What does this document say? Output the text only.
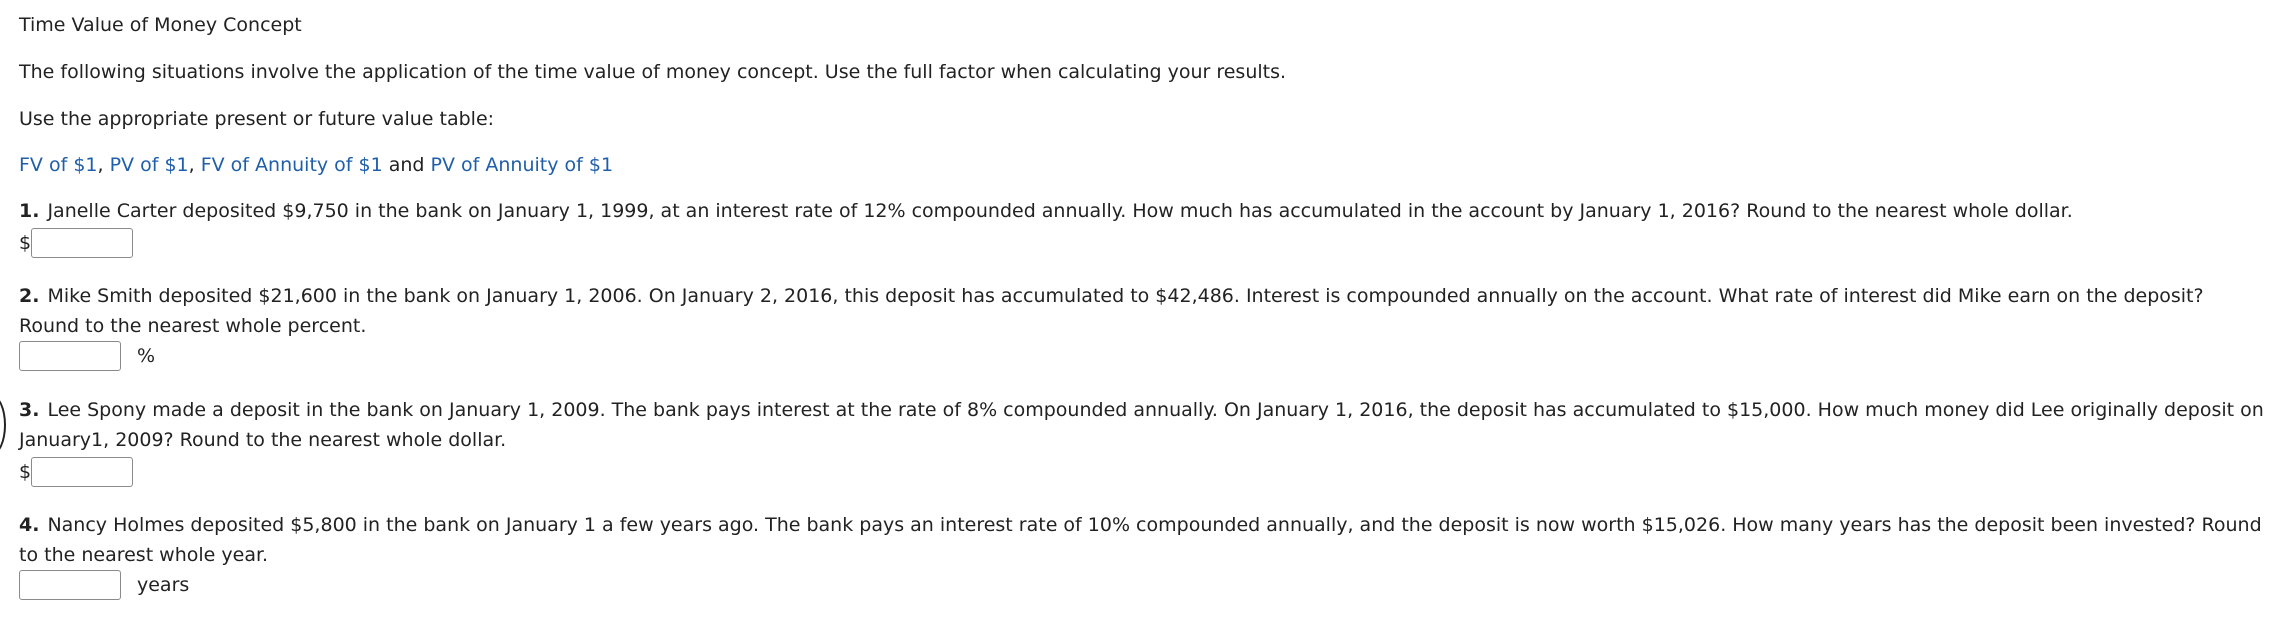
Time Value of Money Concept
The following situations involve the application of the time value of money concept. Use the full factor when calculating your results.
Use the appropriate present or future value table:
FV of $1, PV of $1, FV of Annuity of $1 and PV of Annuity of $1
1. Janelle Carter deposited $9,750 in the bank on January 1, 1999, at an interest rate of 12% compounded annually. How much has accumulated in the account by January 1, 2016? Round to the nearest whole dollar.
$
2. Mike Smith deposited $21,600 in the bank on January 1, 2006. On January 2, 2016, this deposit has accumulated to $42,486. Interest is compounded annually on the account. What rate of interest did Mike earn on the deposit? Round to the nearest whole percent.
%
3. Lee Spony made a deposit in the bank on January 1, 2009. The bank pays interest at the rate of 8% compounded annually. On January 1, 2016, the deposit has accumulated to $15,000. How much money did Lee originally deposit on January1, 2009? Round to the nearest whole dollar.
$
4. Nancy Holmes deposited $5,800 in the bank on January 1 a few years ago. The bank pays an interest rate of 10% compounded annually, and the deposit is now worth $15,026. How many years has the deposit been invested? Round to the nearest whole year.
years
